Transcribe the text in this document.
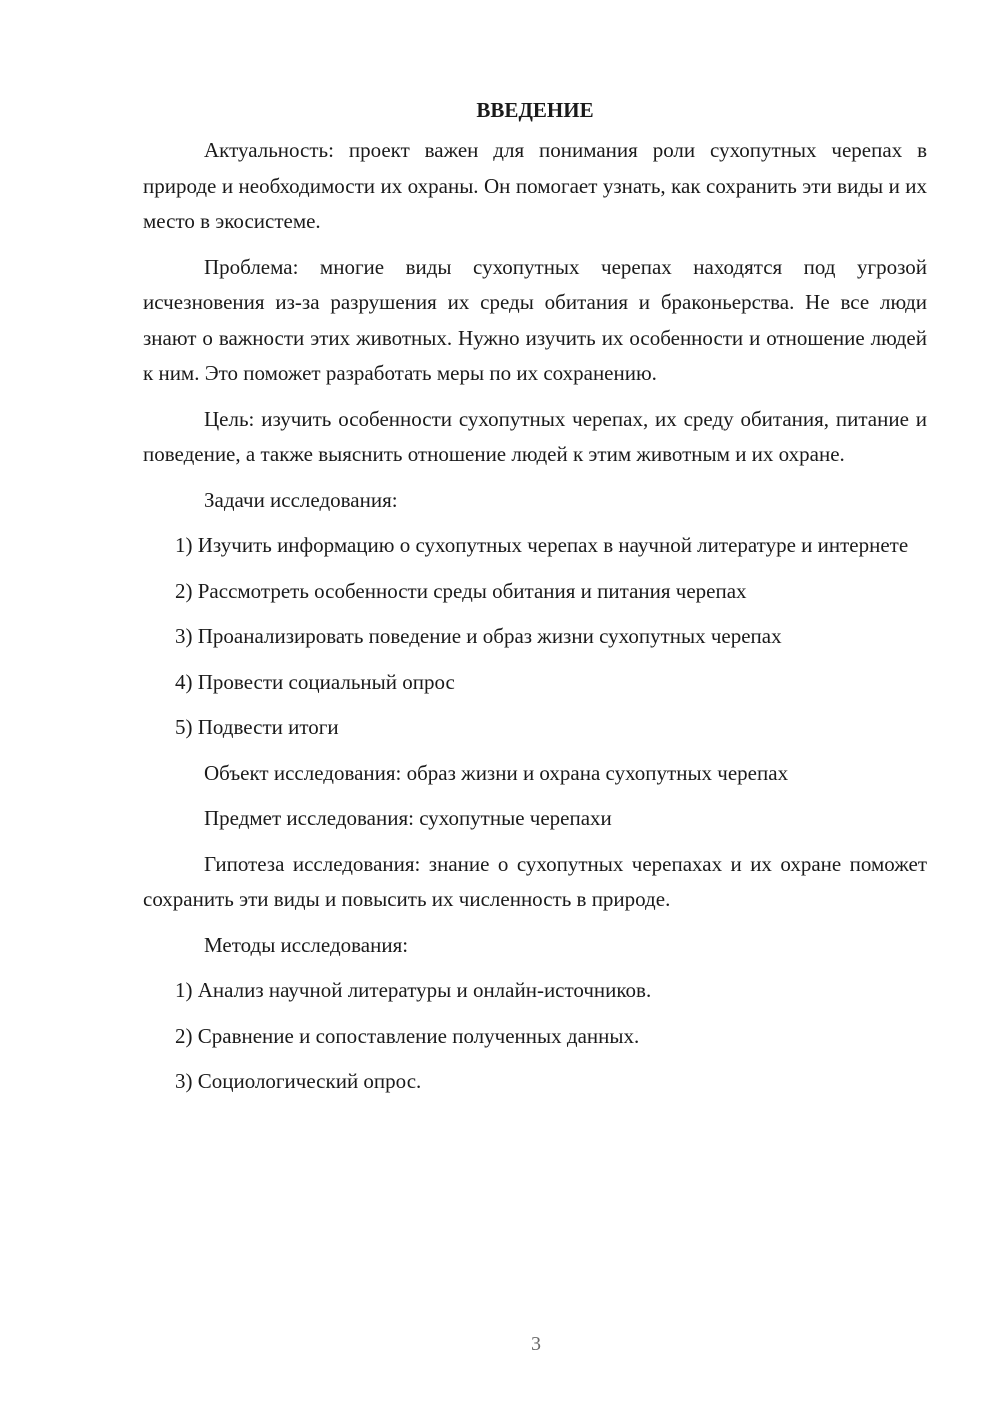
ВВЕДЕНИЕ

Актуальность: проект важен для понимания роли сухопутных черепах в природе и необходимости их охраны. Он помогает узнать, как сохранить эти виды и их место в экосистеме.

Проблема: многие виды сухопутных черепах находятся под угрозой исчезновения из-за разрушения их среды обитания и браконьерства. Не все люди знают о важности этих животных. Нужно изучить их особенности и отношение людей к ним. Это поможет разработать меры по их сохранению.

Цель: изучить особенности сухопутных черепах, их среду обитания, питание и поведение, а также выяснить отношение людей к этим животным и их охране.

Задачи исследования:

1) Изучить информацию о сухопутных черепах в научной литературе и интернете

2) Рассмотреть особенности среды обитания и питания черепах

3) Проанализировать поведение и образ жизни сухопутных черепах

4) Провести социальный опрос

5) Подвести итоги

Объект исследования: образ жизни и охрана сухопутных черепах

Предмет исследования: сухопутные черепахи

Гипотеза исследования: знание о сухопутных черепахах и их охране поможет сохранить эти виды и повысить их численность в природе.

Методы исследования:

1) Анализ научной литературы и онлайн-источников.

2) Сравнение и сопоставление полученных данных.

3) Социологический опрос.

3
